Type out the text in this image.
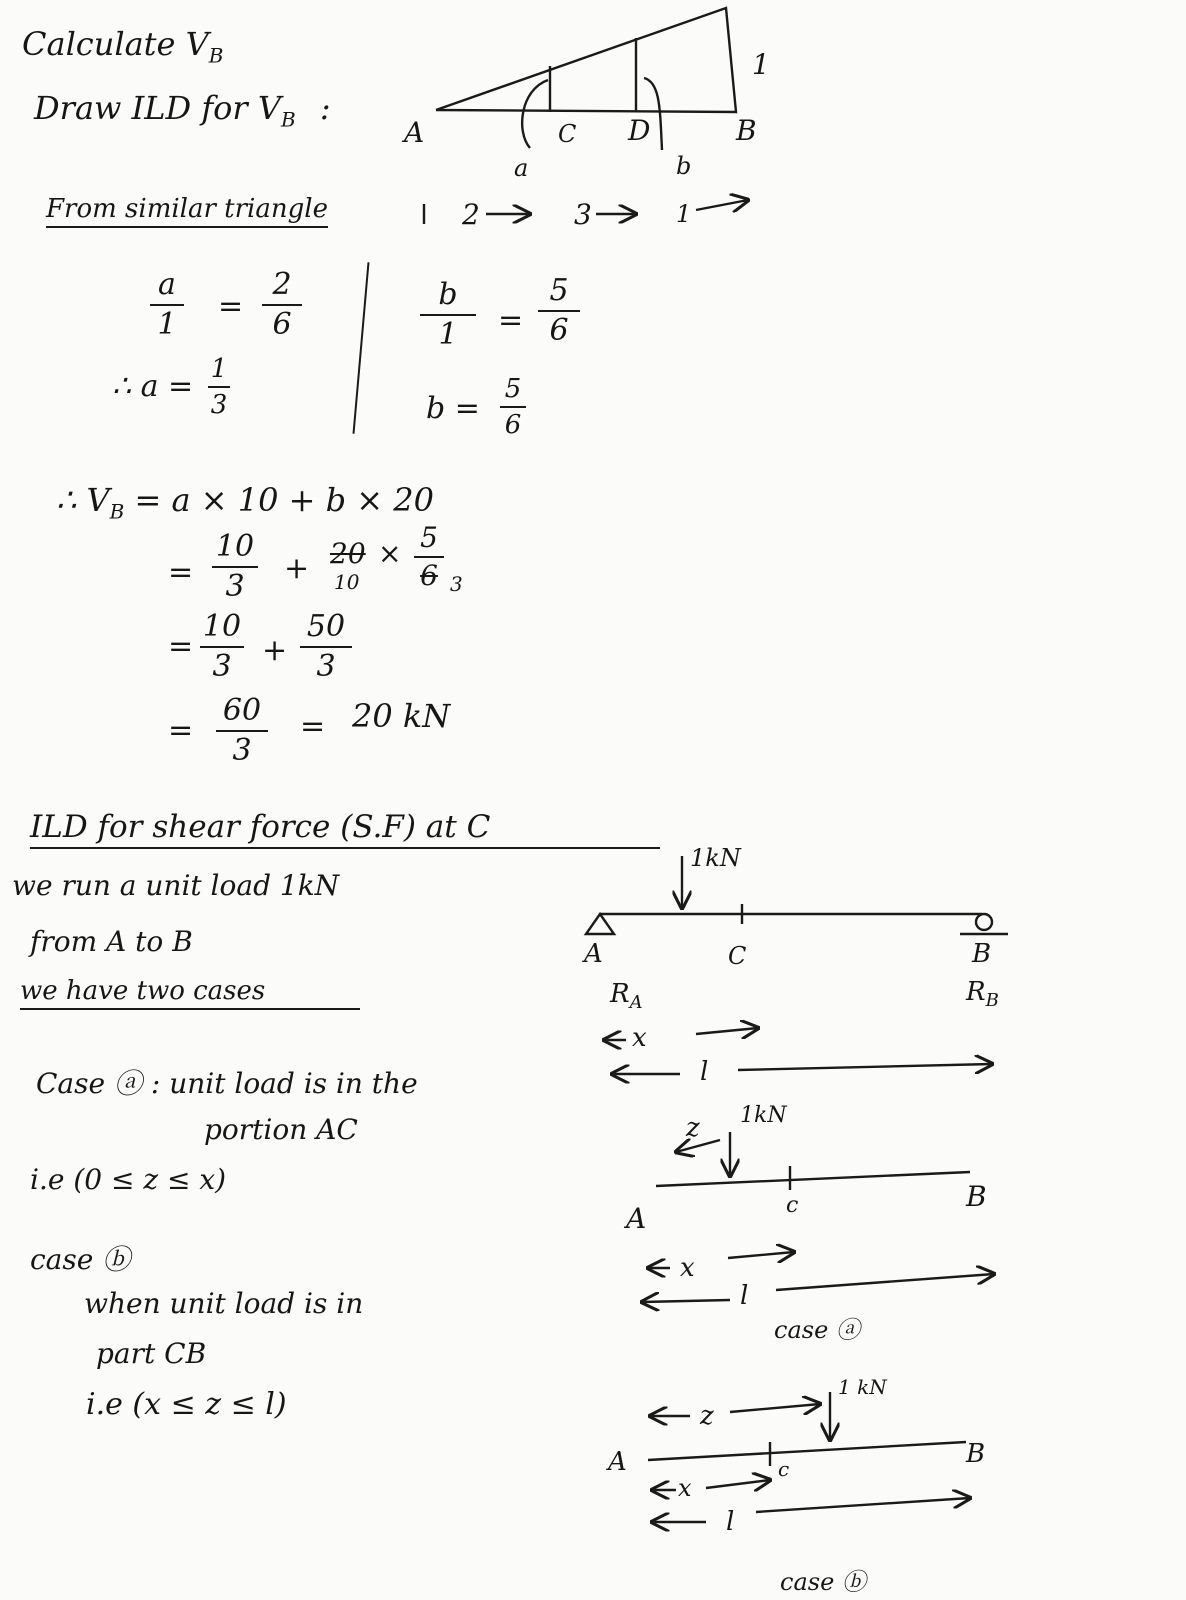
Calculate $V_B$
Draw ILD for $V_B$ :
From similar triangle
a
1
=
2
6
∴ a = 1
3
b
1 =
5
6
b =
5
6
∴ $V_B = a \times 10 + b \times 20$
=
10
3
+ 20
10
× 5
6 3
=
10
3 +
50
3
=
60
3
= 20 kN
ILD for shear force (S.F) at C
we run a unit load 1kN
from A to B
we have two cases
Case ⓐ : unit load is in the
portion AC
i.e (0 ≤ z ≤ x)
case ⓑ
when unit load is in
part CB
i.e (x ≤ z ≤ l)
A	C D	B
a	b
1
2	3	1
1kN
A	C	B
$R_A$	$R_B$
x
l
z 1kN
A	c	B
x
l
case ⓐ
z
1 kN
A	c	B
x
l
case ⓑ
